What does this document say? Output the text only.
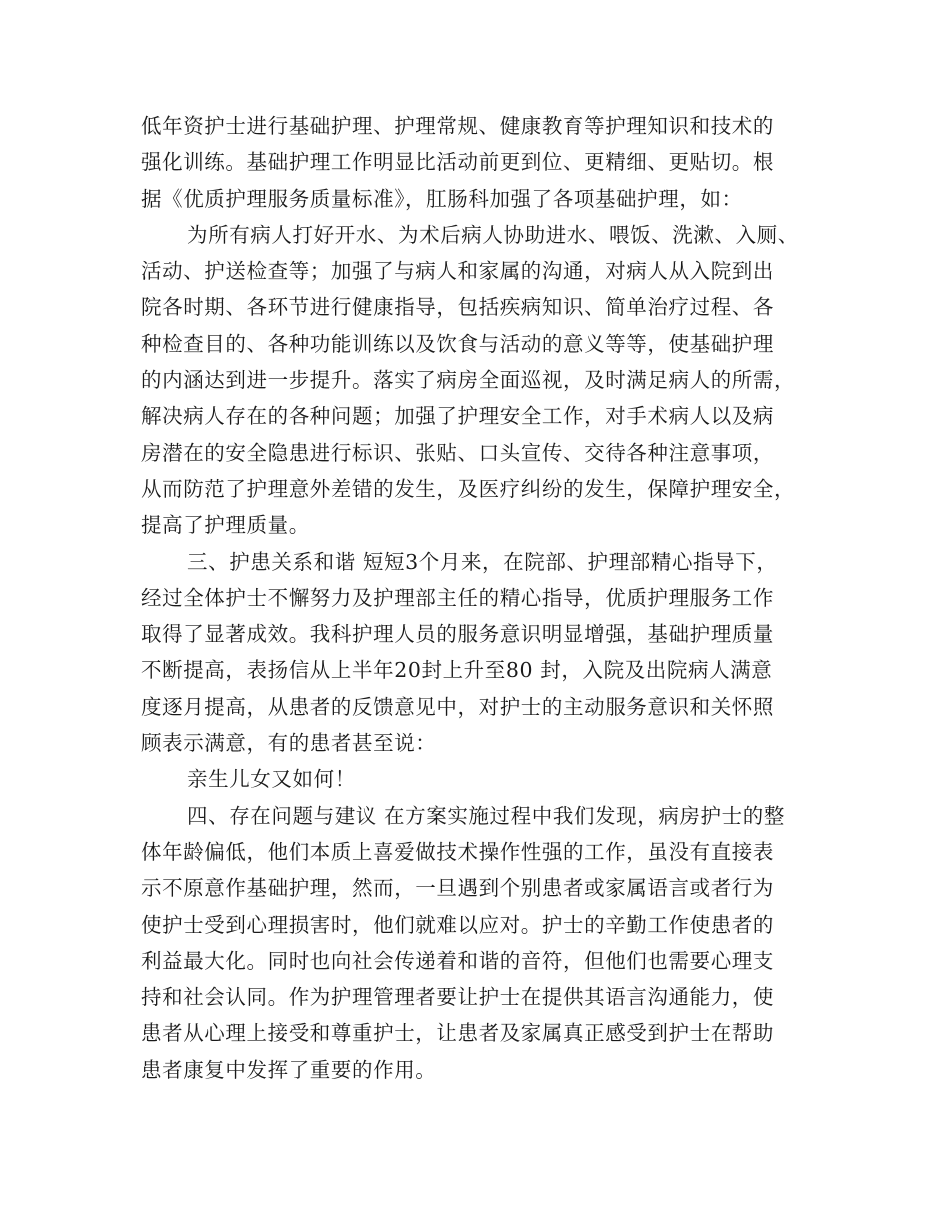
低年资护士进行基础护理、护理常规、健康教育等护理知识和技术的
强化训练。基础护理工作明显比活动前更到位、更精细、更贴切。根
据《优质护理服务质量标准》，肛肠科加强了各项基础护理，如：
为所有病人打好开水、为术后病人协助进水、喂饭、洗漱、入厕、
活动、护送检查等；加强了与病人和家属的沟通，对病人从入院到出
院各时期、各环节进行健康指导，包括疾病知识、简单治疗过程、各
种检查目的、各种功能训练以及饮食与活动的意义等等，使基础护理
的内涵达到进一步提升。落实了病房全面巡视，及时满足病人的所需，
解决病人存在的各种问题；加强了护理安全工作，对手术病人以及病
房潜在的安全隐患进行标识、张贴、口头宣传、交待各种注意事项，
从而防范了护理意外差错的发生，及医疗纠纷的发生，保障护理安全，
提高了护理质量。
三、护患关系和谐 短短3个月来，在院部、护理部精心指导下，
经过全体护士不懈努力及护理部主任的精心指导，优质护理服务工作
取得了显著成效。我科护理人员的服务意识明显增强，基础护理质量
不断提高，表扬信从上半年20封上升至80 封，入院及出院病人满意
度逐月提高，从患者的反馈意见中，对护士的主动服务意识和关怀照
顾表示满意，有的患者甚至说：
亲生儿女又如何！
四、存在问题与建议 在方案实施过程中我们发现，病房护士的整
体年龄偏低，他们本质上喜爱做技术操作性强的工作，虽没有直接表
示不原意作基础护理，然而，一旦遇到个别患者或家属语言或者行为
使护士受到心理损害时，他们就难以应对。护士的辛勤工作使患者的
利益最大化。同时也向社会传递着和谐的音符，但他们也需要心理支
持和社会认同。作为护理管理者要让护士在提供其语言沟通能力，使
患者从心理上接受和尊重护士，让患者及家属真正感受到护士在帮助
患者康复中发挥了重要的作用。
